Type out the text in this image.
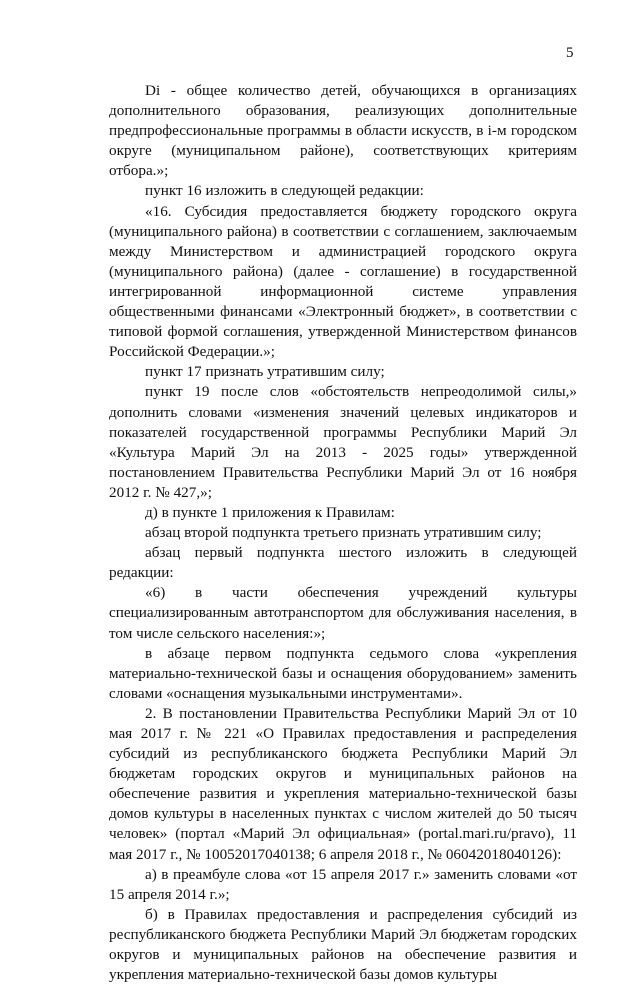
5

Di - общее количество детей, обучающихся в организациях дополнительного образования, реализующих дополнительные предпрофессиональные программы в области искусств, в i-м городском округе (муниципальном районе), соответствующих критериям отбора.»;

пункт 16 изложить в следующей редакции:

«16. Субсидия предоставляется бюджету городского округа (муниципального района) в соответствии с соглашением, заключаемым между Министерством и администрацией городского округа (муниципального района) (далее - соглашение) в государственной интегрированной информационной системе управления общественными финансами «Электронный бюджет», в соответствии с типовой формой соглашения, утвержденной Министерством финансов Российской Федерации.»;

пункт 17 признать утратившим силу;

пункт 19 после слов «обстоятельств непреодолимой силы,» дополнить словами «изменения значений целевых индикаторов и показателей государственной программы Республики Марий Эл «Культура Марий Эл на 2013 - 2025 годы» утвержденной постановлением Правительства Республики Марий Эл от 16 ноября 2012 г. № 427,»;

д) в пункте 1 приложения к Правилам:

абзац второй подпункта третьего признать утратившим силу;

абзац первый подпункта шестого изложить в следующей редакции:

«6) в части обеспечения учреждений культуры специализированным автотранспортом для обслуживания населения, в том числе сельского населения:»;

в абзаце первом подпункта седьмого слова «укрепления материально-технической базы и оснащения оборудованием» заменить словами «оснащения музыкальными инструментами».

2. В постановлении Правительства Республики Марий Эл от 10 мая 2017 г. № 221 «О Правилах предоставления и распределения субсидий из республиканского бюджета Республики Марий Эл бюджетам городских округов и муниципальных районов на обеспечение развития и укрепления материально-технической базы домов культуры в населенных пунктах с числом жителей до 50 тысяч человек» (портал «Марий Эл официальная» (portal.mari.ru/pravo), 11 мая 2017 г., № 10052017040138; 6 апреля 2018 г., № 06042018040126):

а) в преамбуле слова «от 15 апреля 2017 г.» заменить словами «от 15 апреля 2014 г.»;

б) в Правилах предоставления и распределения субсидий из республиканского бюджета Республики Марий Эл бюджетам городских округов и муниципальных районов на обеспечение развития и укрепления материально-технической базы домов культуры
